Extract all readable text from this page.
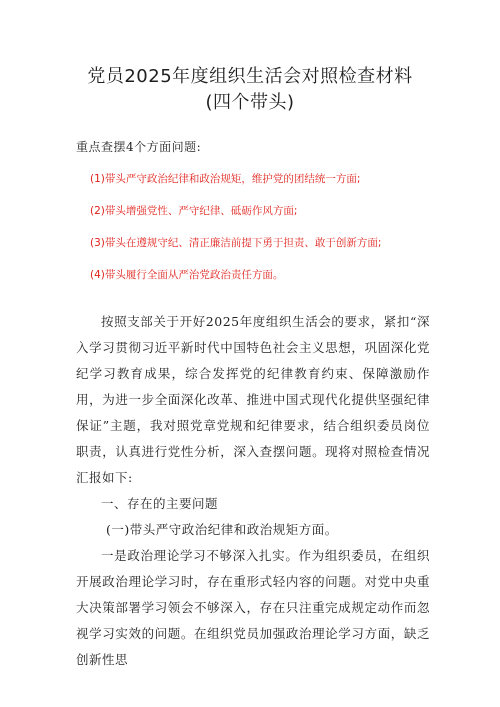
党员2025年度组织生活会对照检查材料
(四个带头)
重点查摆4个方面问题:
(1)带头严守政治纪律和政治规矩，维护党的团结统一方面;
(2)带头增强党性、严守纪律、砥砺作风方面;
(3)带头在遵规守纪、清正廉洁前提下勇于担责、敢于创新方面;
(4)带头履行全面从严治党政治责任方面。

按照支部关于开好2025年度组织生活会的要求，紧扣“深入学习贯彻习近平新时代中国特色社会主义思想，巩固深化党纪学习教育成果，综合发挥党的纪律教育约束、保障激励作用，为进一步全面深化改革、推进中国式现代化提供坚强纪律保证”主题，我对照党章党规和纪律要求，结合组织委员岗位职责，认真进行党性分析，深入查摆问题。现将对照检查情况汇报如下:

一、存在的主要问题

(一)带头严守政治纪律和政治规矩方面。

一是政治理论学习不够深入扎实。作为组织委员，在组织开展政治理论学习时，存在重形式轻内容的问题。对党中央重大决策部署学习领会不够深入，存在只注重完成规定动作而忽视学习实效的问题。在组织党员加强政治理论学习方面，缺乏创新性思
